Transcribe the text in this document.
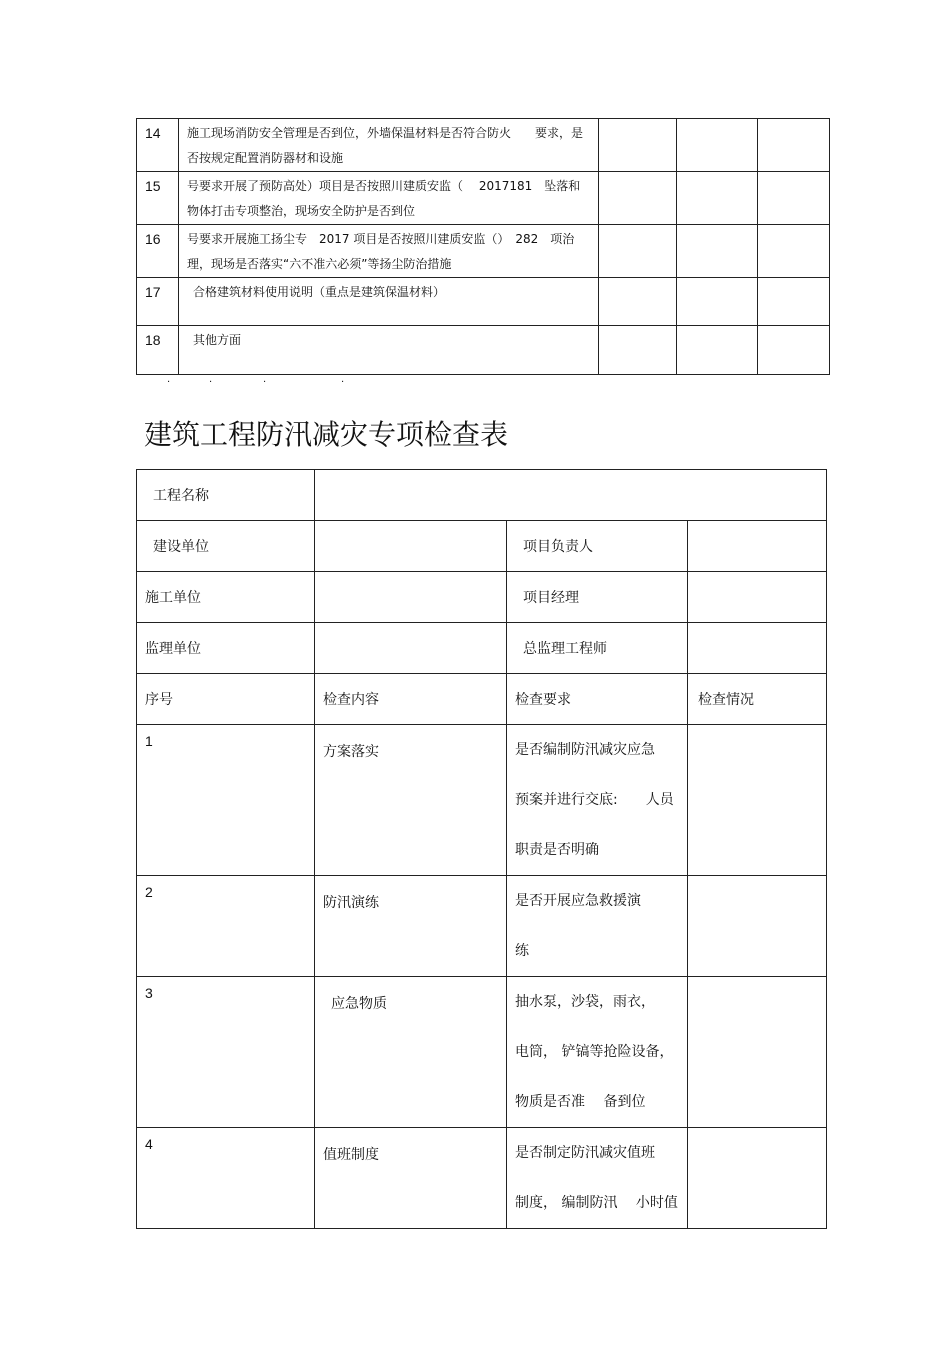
14	施工现场消防安全管理是否到位，外墙保温材料是否符合防火　　要求，是否按规定配置消防器材和设施			
15	号要求开展了预防高处）项目是否按照川建质安监（　 2017181　坠落和物体打击专项整治，现场安全防护是否到位			
16	号要求开展施工扬尘专　2017 项目是否按照川建质安监（）　282　项治理，现场是否落实“六不准六必须”等扬尘防治措施			
17	合格建筑材料使用说明（重点是建筑保温材料）			
18	其他方面			
.	.	.	.
建筑工程防汛减灾专项检查表
工程名称			
建设单位		项目负责人	
施工单位		项目经理	
监理单位		总监理工程师	
序号	检查内容	检查要求	检查情况
1	方案落实	是否编制防汛减灾应急
预案并进行交底:　　人员
职责是否明确	

2	防汛演练	是否开展应急救援演
练	

3	应急物质	抽水泵，沙袋，雨衣，
电筒， 铲镐等抢险设备，
物质是否准　 备到位	

4	值班制度	是否制定防汛减灾值班
制度， 编制防汛　 小时值	
